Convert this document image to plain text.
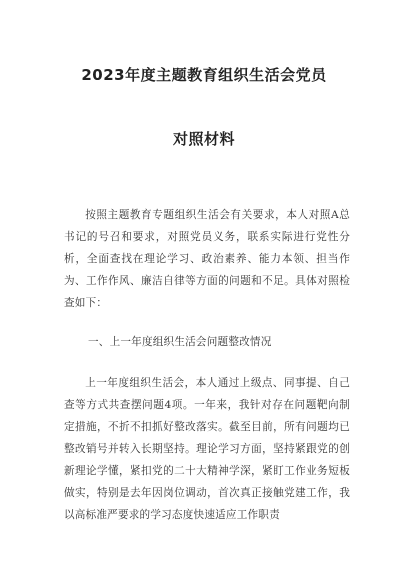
2023年度主题教育组织生活会党员
对照材料

按照主题教育专题组织生活会有关要求，本人对照A总书记的号召和要求，对照党员义务，联系实际进行党性分析，全面查找在理论学习、政治素养、能力本领、担当作为、工作作风、廉洁自律等方面的问题和不足。具体对照检查如下：

一、上一年度组织生活会问题整改情况

上一年度组织生活会，本人通过上级点、同事提、自己查等方式共查摆问题4项。一年来，我针对存在问题靶向制定措施，不折不扣抓好整改落实。截至目前，所有问题均已整改销号并转入长期坚持。理论学习方面，坚持紧跟党的创新理论学懂，紧扣党的二十大精神学深，紧盯工作业务短板做实，特别是去年因岗位调动，首次真正接触党建工作，我以高标准严要求的学习态度快速适应工作职责
